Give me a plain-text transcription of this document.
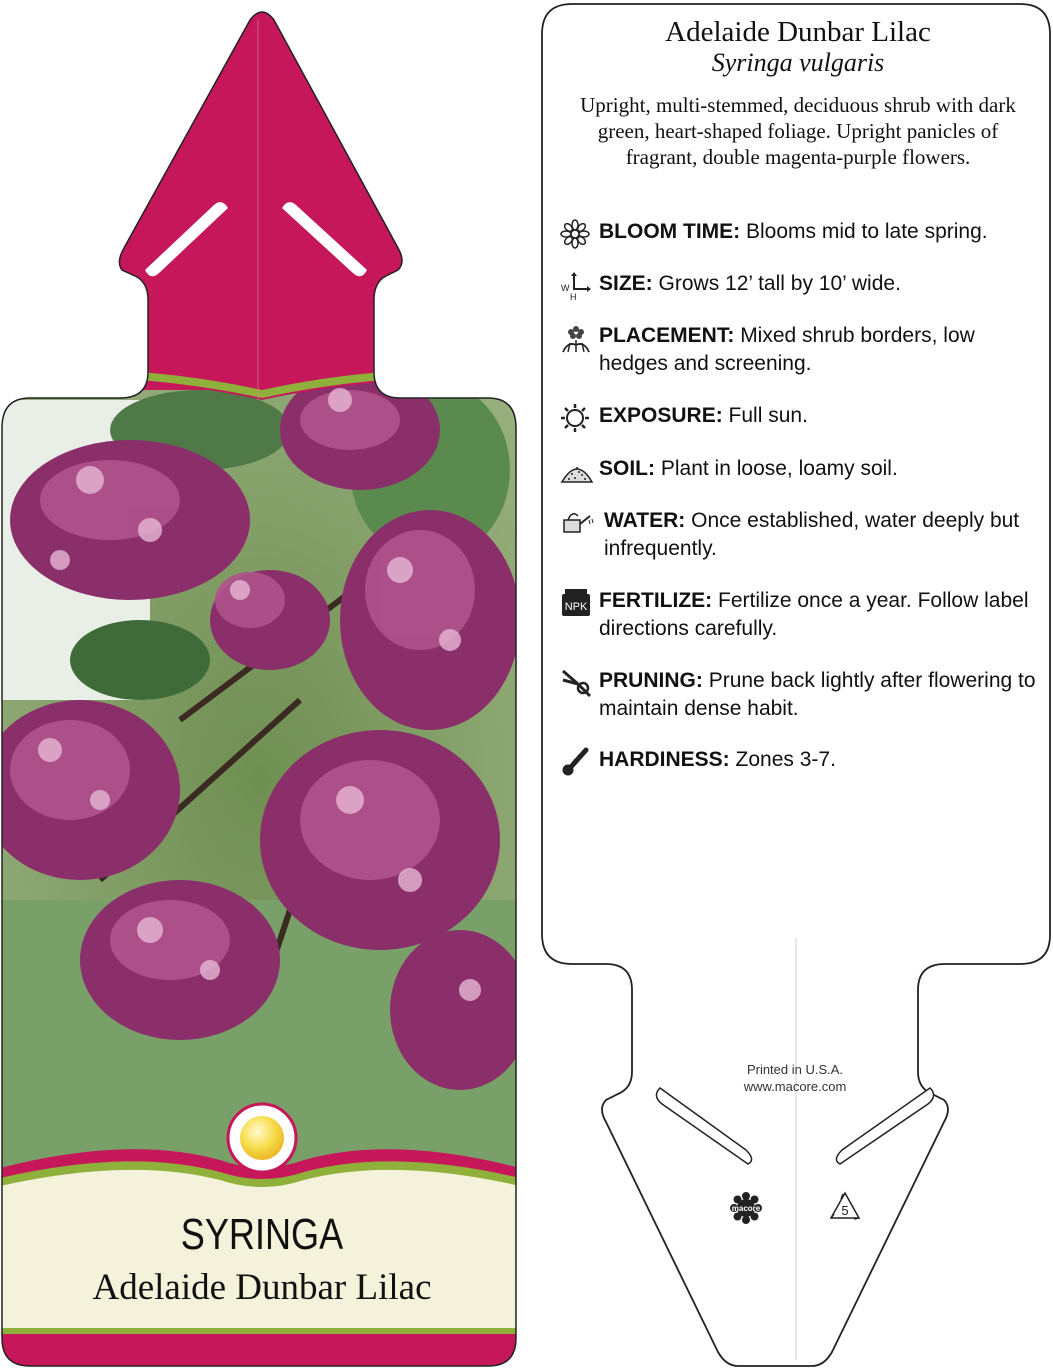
SYRINGA
Adelaide Dunbar Lilac
Adelaide Dunbar Lilac
Syringa vulgaris
Upright, multi-stemmed, deciduous shrub with dark green, heart-shaped foliage. Upright panicles of fragrant, double magenta-purple flowers.
BLOOM TIME: Blooms mid to late spring.
W
H
SIZE: Grows 12’ tall by 10’ wide.
PLACEMENT: Mixed shrub borders, low hedges and screening.
EXPOSURE: Full sun.
SOIL: Plant in loose, loamy soil.
WATER: Once established, water deeply but infrequently.
NPK FERTILIZE: Fertilize once a year. Follow label directions carefully.
PRUNING: Prune back lightly after flowering to maintain dense habit.
HARDINESS: Zones 3-7.
Printed in U.S.A.
www.macore.com
macore	5
